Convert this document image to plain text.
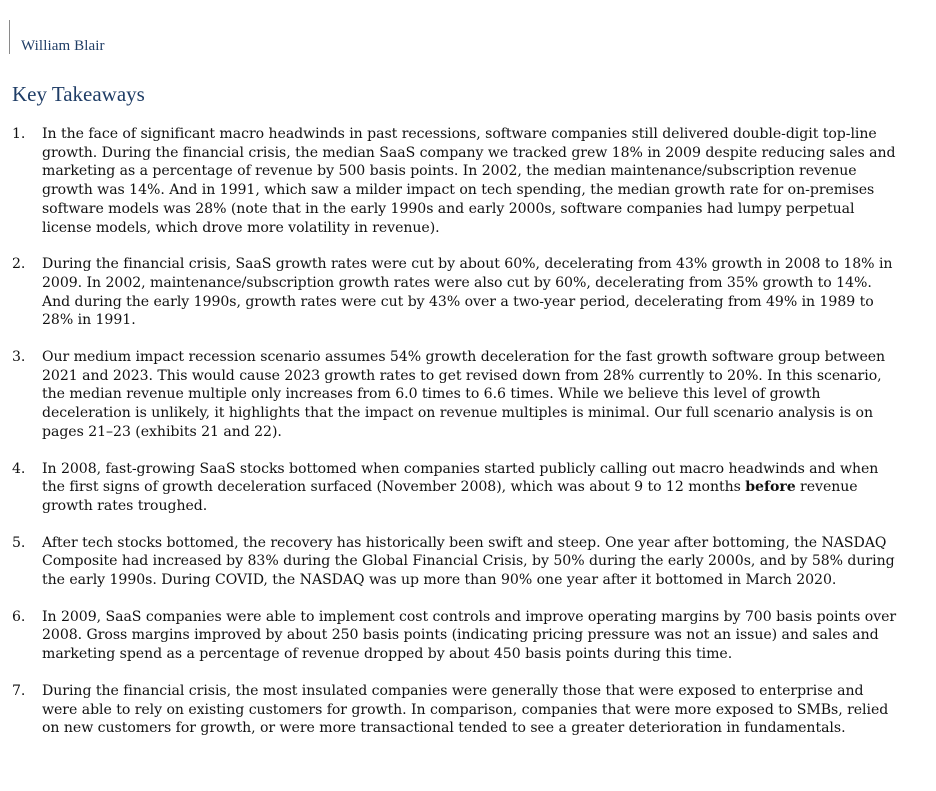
William Blair
Key Takeaways
1.	In the face of significant macro headwinds in past recessions, software companies still delivered double-digit top-line growth. During the financial crisis, the median SaaS company we tracked grew 18% in 2009 despite reducing sales and marketing as a percentage of revenue by 500 basis points. In 2002, the median maintenance/subscription revenue growth was 14%. And in 1991, which saw a milder impact on tech spending, the median growth rate for on-premises software models was 28% (note that in the early 1990s and early 2000s, software companies had lumpy perpetual license models, which drove more volatility in revenue).
2.	During the financial crisis, SaaS growth rates were cut by about 60%, decelerating from 43% growth in 2008 to 18% in 2009. In 2002, maintenance/subscription growth rates were also cut by 60%, decelerating from 35% growth to 14%. And during the early 1990s, growth rates were cut by 43% over a two-year period, decelerating from 49% in 1989 to 28% in 1991.
3.	Our medium impact recession scenario assumes 54% growth deceleration for the fast growth software group between 2021 and 2023. This would cause 2023 growth rates to get revised down from 28% currently to 20%. In this scenario, the median revenue multiple only increases from 6.0 times to 6.6 times. While we believe this level of growth deceleration is unlikely, it highlights that the impact on revenue multiples is minimal. Our full scenario analysis is on pages 21–23 (exhibits 21 and 22).
4.	In 2008, fast-growing SaaS stocks bottomed when companies started publicly calling out macro headwinds and when the first signs of growth deceleration surfaced (November 2008), which was about 9 to 12 months before revenue growth rates troughed.
5.	After tech stocks bottomed, the recovery has historically been swift and steep. One year after bottoming, the NASDAQ Composite had increased by 83% during the Global Financial Crisis, by 50% during the early 2000s, and by 58% during the early 1990s. During COVID, the NASDAQ was up more than 90% one year after it bottomed in March 2020.
6.	In 2009, SaaS companies were able to implement cost controls and improve operating margins by 700 basis points over 2008. Gross margins improved by about 250 basis points (indicating pricing pressure was not an issue) and sales and marketing spend as a percentage of revenue dropped by about 450 basis points during this time.
7.	During the financial crisis, the most insulated companies were generally those that were exposed to enterprise and were able to rely on existing customers for growth. In comparison, companies that were more exposed to SMBs, relied on new customers for growth, or were more transactional tended to see a greater deterioration in fundamentals.
